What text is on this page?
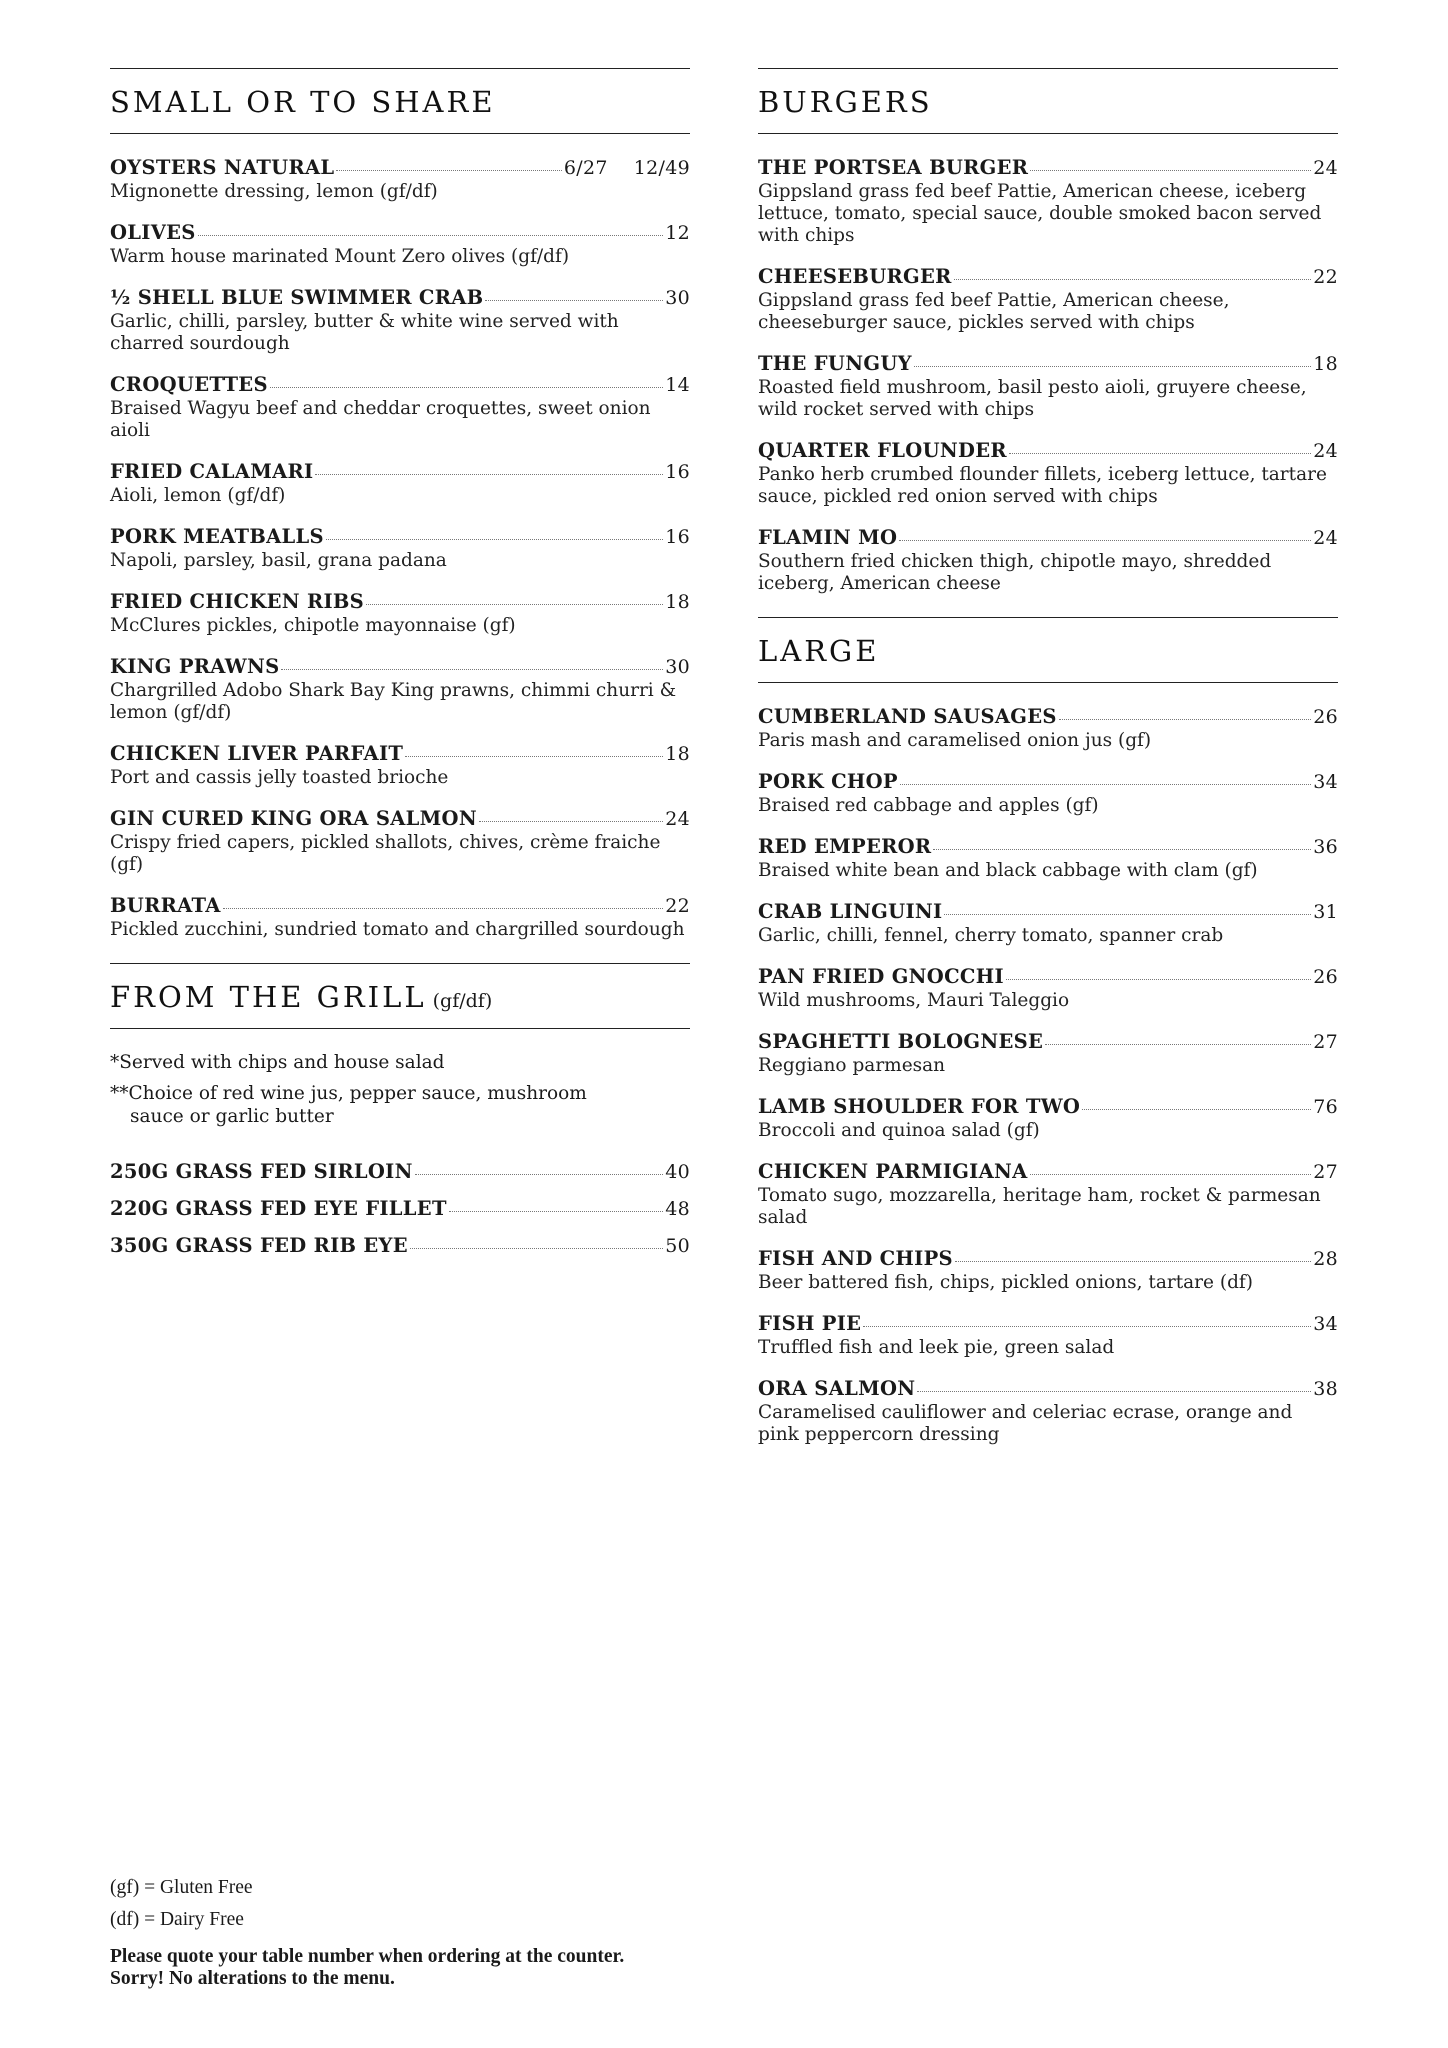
SMALL OR TO SHARE
OYSTERS NATURAL	6/27 12/49
Mignonette dressing, lemon (gf/df)
OLIVES	12
Warm house marinated Mount Zero olives (gf/df)
½ SHELL BLUE SWIMMER CRAB	30
Garlic, chilli, parsley, butter & white wine served with charred sourdough
CROQUETTES	14
Braised Wagyu beef and cheddar croquettes, sweet onion aioli
FRIED CALAMARI	16
Aioli, lemon (gf/df)
PORK MEATBALLS	16
Napoli, parsley, basil, grana padana
FRIED CHICKEN RIBS	18
McClures pickles, chipotle mayonnaise (gf)
KING PRAWNS	30
Chargrilled Adobo Shark Bay King prawns, chimmi churri & lemon (gf/df)
CHICKEN LIVER PARFAIT	18
Port and cassis jelly toasted brioche
GIN CURED KING ORA SALMON	24
Crispy fried capers, pickled shallots, chives, crème fraiche (gf)
BURRATA	22
Pickled zucchini, sundried tomato and chargrilled sourdough
FROM THE GRILL (gf/df)
*Served with chips and house salad
**Choice of red wine jus, pepper sauce, mushroom
sauce or garlic butter
250G GRASS FED SIRLOIN	40
220G GRASS FED EYE FILLET	48
350G GRASS FED RIB EYE	50
BURGERS
THE PORTSEA BURGER	24
Gippsland grass fed beef Pattie, American cheese, iceberg lettuce, tomato, special sauce, double smoked bacon served with chips
CHEESEBURGER	22
Gippsland grass fed beef Pattie, American cheese, cheeseburger sauce, pickles served with chips
THE FUNGUY	18
Roasted field mushroom, basil pesto aioli, gruyere cheese, wild rocket served with chips
QUARTER FLOUNDER	24
Panko herb crumbed flounder fillets, iceberg lettuce, tartare sauce, pickled red onion served with chips
FLAMIN MO	24
Southern fried chicken thigh, chipotle mayo, shredded iceberg, American cheese
LARGE
CUMBERLAND SAUSAGES	26
Paris mash and caramelised onion jus (gf)
PORK CHOP	34
Braised red cabbage and apples (gf)
RED EMPEROR	36
Braised white bean and black cabbage with clam (gf)
CRAB LINGUINI	31
Garlic, chilli, fennel, cherry tomato, spanner crab
PAN FRIED GNOCCHI	26
Wild mushrooms, Mauri Taleggio
SPAGHETTI BOLOGNESE	27
Reggiano parmesan
LAMB SHOULDER FOR TWO	76
Broccoli and quinoa salad (gf)
CHICKEN PARMIGIANA	27
Tomato sugo, mozzarella, heritage ham, rocket & parmesan salad
FISH AND CHIPS	28
Beer battered fish, chips, pickled onions, tartare (df)
FISH PIE	34
Truffled fish and leek pie, green salad
ORA SALMON	38
Caramelised cauliflower and celeriac ecrase, orange and pink peppercorn dressing
(gf) = Gluten Free
(df) = Dairy Free
Please quote your table number when ordering at the counter.
Sorry! No alterations to the menu.
